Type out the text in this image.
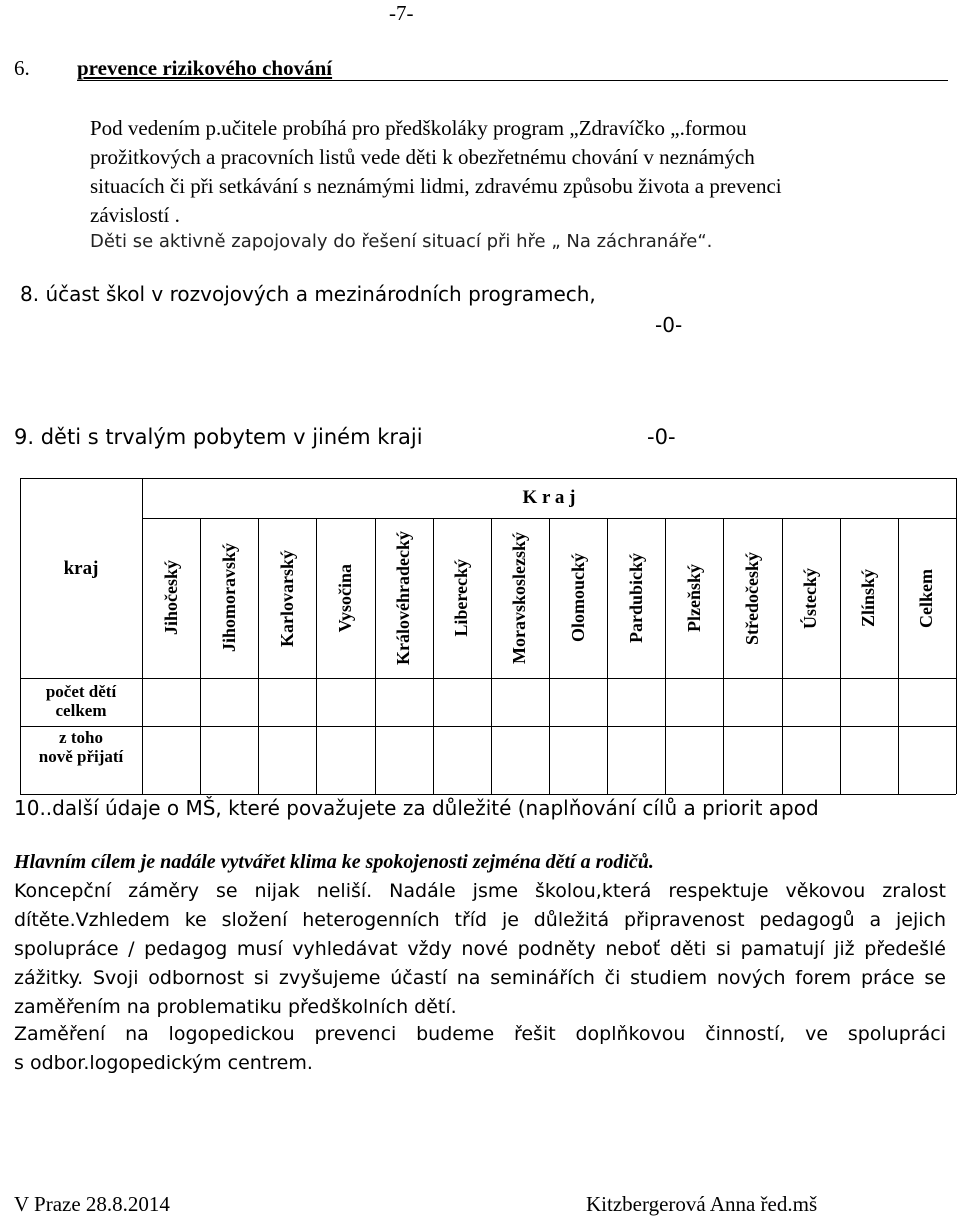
-7-
6. prevence rizikového chování
Pod vedením p.učitele probíhá pro předškoláky program „Zdravíčko „.formou
prožitkových a pracovních listů vede děti k obezřetnému chování v neznámých
situacích či při setkávání s neznámými lidmi, zdravému způsobu života a prevenci
závislostí .
Děti se aktivně zapojovaly do řešení situací při hře „ Na záchranáře“.
8. účast škol v rozvojových a mezinárodních programech,
-0-
9. děti s trvalým pobytem v jiném kraji	-0-
K r a j
kraj
počet dětí
celkem
z toho
nově přijatí
Jihočeský Jihomoravský Karlovarský Vysočina Královéhradecký Liberecký Moravskoslezský Olomoucký Pardubický Plzeňský Středočeský Ústecký Zlínský Celkem
10..další údaje o MŠ, které považujete za důležité (naplňování cílů a priorit apod
Hlavním cílem je nadále vytvářet klima ke spokojenosti zejména dětí a rodičů.
Koncepční záměry se nijak neliší. Nadále jsme školou,která respektuje věkovou zralost
dítěte.Vzhledem ke složení heterogenních tříd je důležitá připravenost pedagogů a jejich
spolupráce / pedagog musí vyhledávat vždy nové podněty neboť děti si pamatují již předešlé
zážitky. Svoji odbornost si zvyšujeme účastí na seminářích či studiem nových forem práce se
zaměřením na problematiku předškolních dětí.
Zaměření na logopedickou prevenci budeme řešit doplňkovou činností, ve spolupráci
s odbor.logopedickým centrem.
V Praze 28.8.2014	Kitzbergerová Anna řed.mš
